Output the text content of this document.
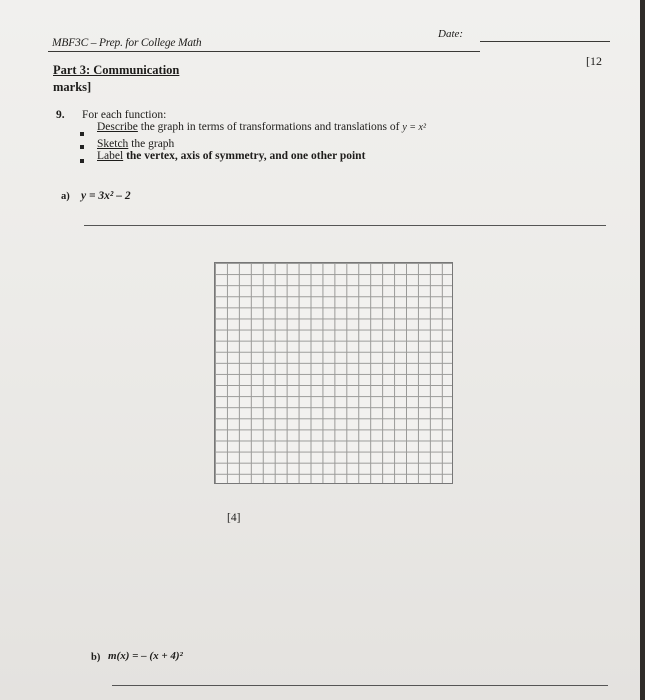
MBF3C – Prep. for College Math
Date:
[12
Part 3: Communication
marks]
9. For each function:
Describe the graph in terms of transformations and translations of y = x²
Sketch the graph
Label the vertex, axis of symmetry, and one other point
a) y = 3x² – 2
[4]
b) m(x) = – (x + 4)²
